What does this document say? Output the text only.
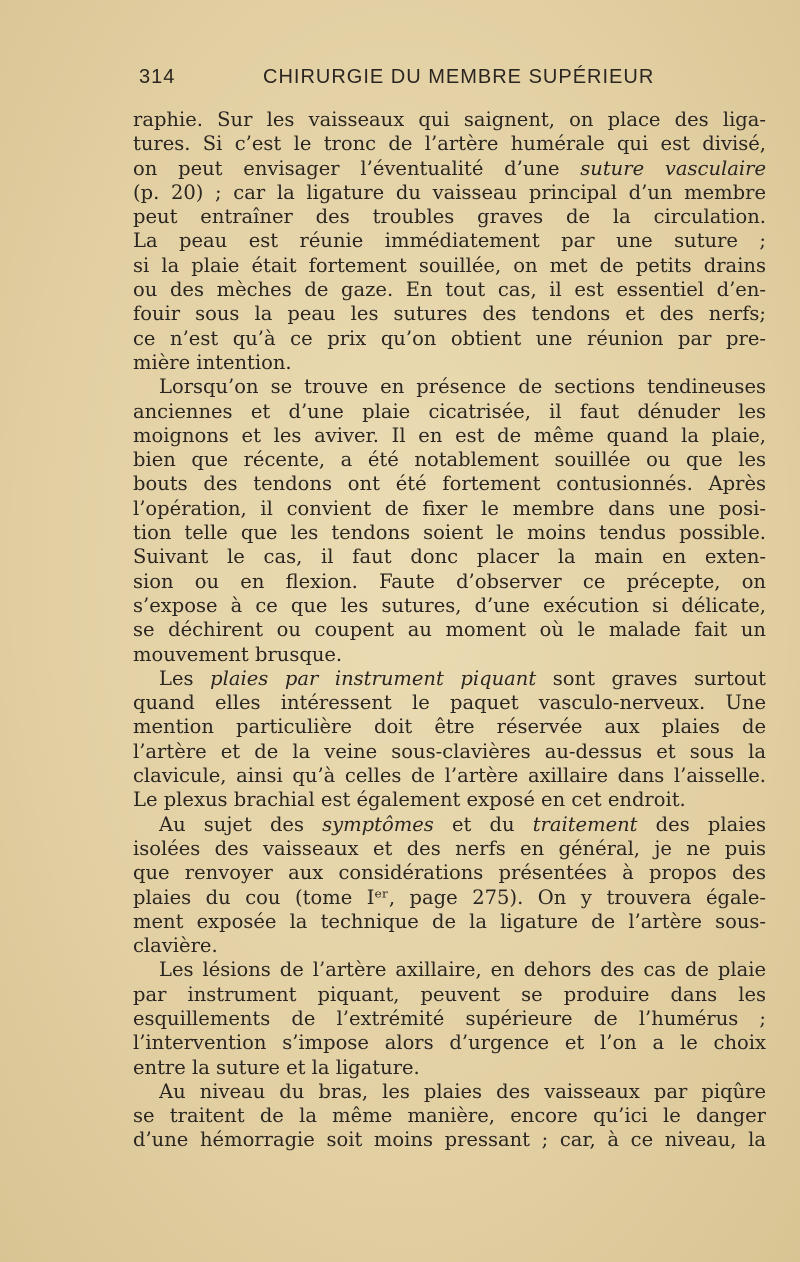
314	CHIRURGIE DU MEMBRE SUPÉRIEUR
raphie. Sur les vaisseaux qui saignent, on place des liga-
tures. Si c’est le tronc de l’artère humérale qui est divisé,
on peut envisager l’éventualité d’une suture vasculaire
(p. 20) ; car la ligature du vaisseau principal d’un membre
peut entraîner des troubles graves de la circulation.
La peau est réunie immédiatement par une suture ;
si la plaie était fortement souillée, on met de petits drains
ou des mèches de gaze. En tout cas, il est essentiel d’en-
fouir sous la peau les sutures des tendons et des nerfs;
ce n’est qu’à ce prix qu’on obtient une réunion par pre-
mière intention.
Lorsqu’on se trouve en présence de sections tendineuses
anciennes et d’une plaie cicatrisée, il faut dénuder les
moignons et les aviver. Il en est de même quand la plaie,
bien que récente, a été notablement souillée ou que les
bouts des tendons ont été fortement contusionnés. Après
l’opération, il convient de fixer le membre dans une posi-
tion telle que les tendons soient le moins tendus possible.
Suivant le cas, il faut donc placer la main en exten-
sion ou en flexion. Faute d’observer ce précepte, on
s’expose à ce que les sutures, d’une exécution si délicate,
se déchirent ou coupent au moment où le malade fait un
mouvement brusque.
Les plaies par instrument piquant sont graves surtout
quand elles intéressent le paquet vasculo-nerveux. Une
mention particulière doit être réservée aux plaies de
l’artère et de la veine sous-clavières au-dessus et sous la
clavicule, ainsi qu’à celles de l’artère axillaire dans l’aisselle.
Le plexus brachial est également exposé en cet endroit.
Au sujet des symptômes et du traitement des plaies
isolées des vaisseaux et des nerfs en général, je ne puis
que renvoyer aux considérations présentées à propos des
plaies du cou (tome Iᵉʳ, page 275). On y trouvera égale-
ment exposée la technique de la ligature de l’artère sous-
clavière.
Les lésions de l’artère axillaire, en dehors des cas de plaie
par instrument piquant, peuvent se produire dans les
esquillements de l’extrémité supérieure de l’humérus ;
l’intervention s’impose alors d’urgence et l’on a le choix
entre la suture et la ligature.
Au niveau du bras, les plaies des vaisseaux par piqûre
se traitent de la même manière, encore qu’ici le danger
d’une hémorragie soit moins pressant ; car, à ce niveau, la
